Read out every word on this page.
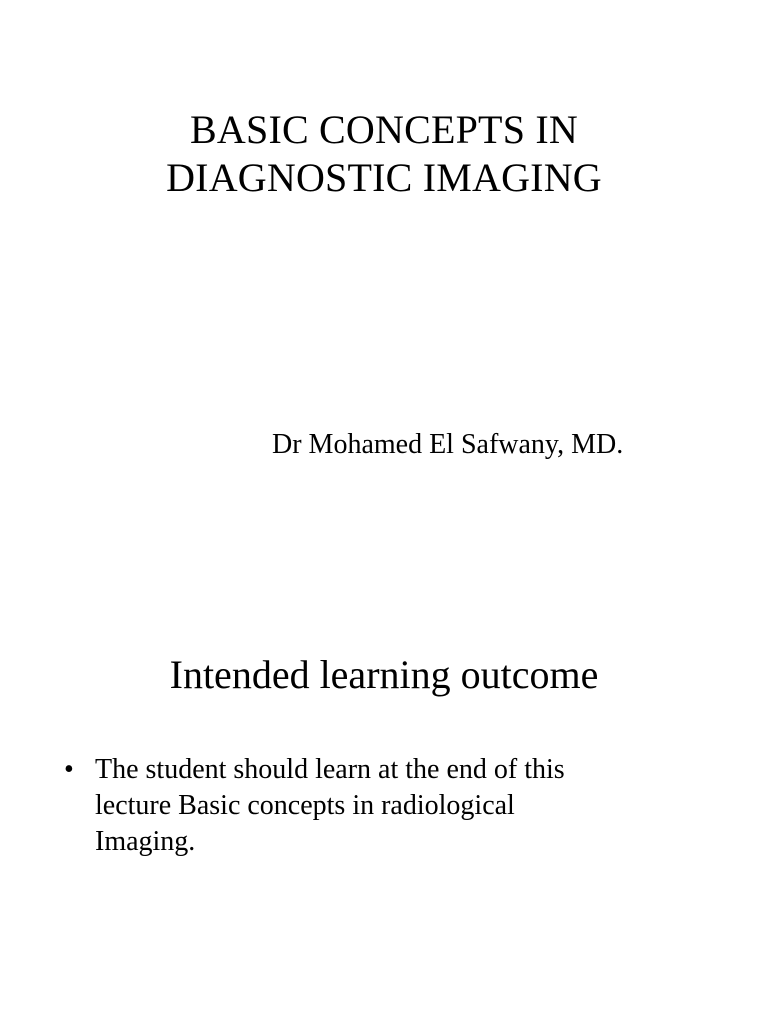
BASIC CONCEPTS IN
DIAGNOSTIC IMAGING
Dr Mohamed El Safwany, MD.
Intended learning outcome
• The student should learn at the end of this
lecture Basic concepts in radiological
Imaging.
